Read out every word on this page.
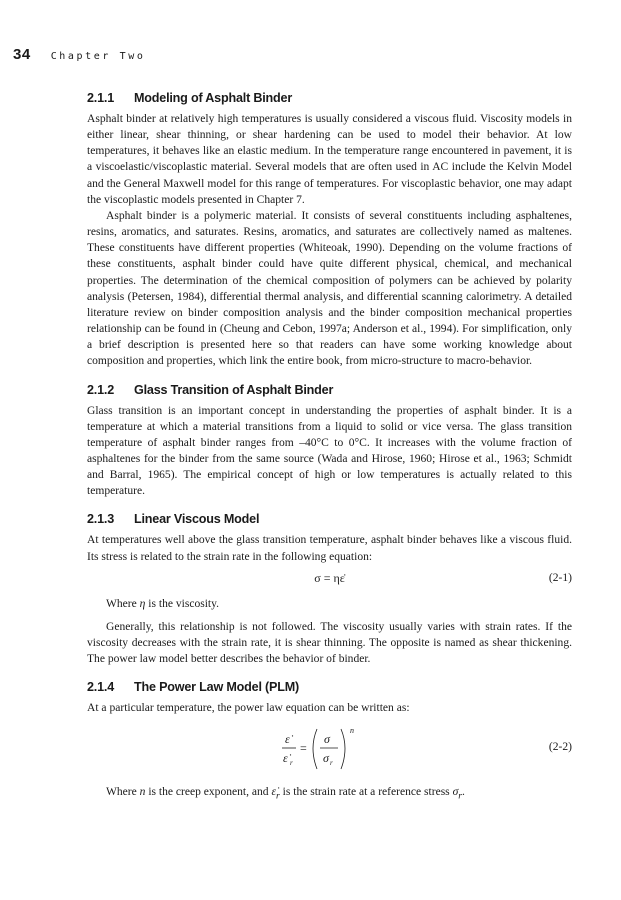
34 Chapter Two
2.1.1 Modeling of Asphalt Binder

Asphalt binder at relatively high temperatures is usually considered a viscous fluid. Viscosity models in either linear, shear thinning, or shear hardening can be used to model their behavior. At low temperatures, it behaves like an elastic medium. In the temperature range encountered in pavement, it is a viscoelastic/viscoplastic material. Several models that are often used in AC include the Kelvin Model and the General Maxwell model for this range of temperatures. For viscoplastic behavior, one may adapt the viscoplastic models presented in Chapter 7.

Asphalt binder is a polymeric material. It consists of several constituents including asphaltenes, resins, aromatics, and saturates. Resins, aromatics, and saturates are collectively named as maltenes. These constituents have different properties (Whiteoak, 1990). Depending on the volume fractions of these constituents, asphalt binder could have quite different physical, chemical, and mechanical properties. The determination of the chemical composition of polymers can be achieved by polarity analysis (Petersen, 1984), differential thermal analysis, and differential scanning calorimetry. A detailed literature review on binder composition analysis and the binder composition mechanical properties relationship can be found in (Cheung and Cebon, 1997a; Anderson et al., 1994). For simplification, only a brief description is presented here so that readers can have some working knowledge about composition and properties, which link the entire book, from micro-structure to macro-behavior.

2.1.2 Glass Transition of Asphalt Binder

Glass transition is an important concept in understanding the properties of asphalt binder. It is a temperature at which a material transitions from a liquid to solid or vice versa. The glass transition temperature of asphalt binder ranges from –40°C to 0°C. It increases with the volume fraction of asphaltenes for the binder from the same source (Wada and Hirose, 1960; Hirose et al., 1963; Schmidt and Barral, 1965). The empirical concept of high or low temperatures is actually related to this temperature.

2.1.3 Linear Viscous Model

At temperatures well above the glass transition temperature, asphalt binder behaves like a viscous fluid. Its stress is related to the strain rate in the following equation:

σ = ηε̇	(2-1)

Where η is the viscosity.

Generally, this relationship is not followed. The viscosity usually varies with strain rates. If the viscosity decreases with the strain rate, it is shear thinning. The opposite is named as shear thickening. The power law model better describes the behavior of binder.

2.1.4 The Power Law Model (PLM)

At a particular temperature, the power law equation can be written as:

ε̇
ε̇ r
=
σ
σ r
n
(2-2)

Where n is the creep exponent, and $\varepsiloṅ_r$ is the strain rate at a reference stress $\sigma_r$.
